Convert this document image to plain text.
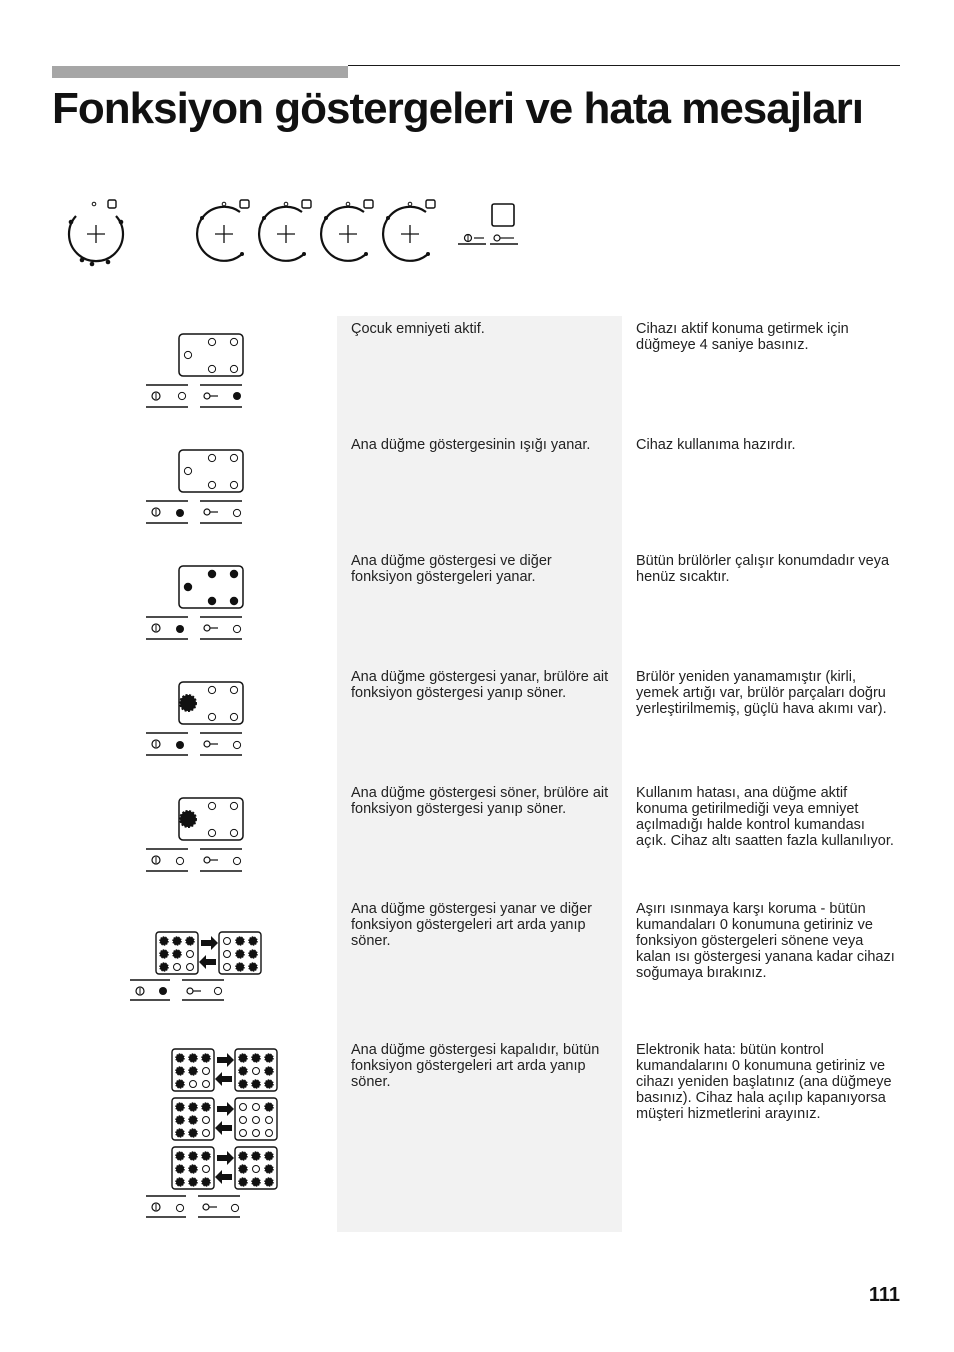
Fonksiyon göstergeleri ve hata mesajları

Çocuk emniyeti aktif.	Cihazı aktif konuma getirmek için düğmeye 4 saniye basınız.

Ana düğme göstergesinin ışığı yanar.	Cihaz kullanıma hazırdır.

Ana düğme göstergesi ve diğer fonksiyon göstergeleri yanar.

Bütün brülörler çalışır konumdadır veya henüz sıcaktır.

Ana düğme göstergesi yanar, brülöre ait fonksiyon göstergesi yanıp söner.

Brülör yeniden yanamamıştır (kirli, yemek artığı var, brülör parçaları doğru yerleştirilmemiş, güçlü hava akımı var).

Ana düğme göstergesi söner, brülöre ait fonksiyon göstergesi yanıp söner.

Kullanım hatası, ana düğme aktif konuma getirilmediği veya emniyet açılmadığı halde kontrol kumandası açık. Cihaz altı saatten fazla kullanılıyor.

Ana düğme göstergesi yanar ve diğer fonksiyon göstergeleri art arda yanıp söner.

Aşırı ısınmaya karşı koruma - bütün kumandaları 0 konumuna getiriniz ve fonksiyon göstergeleri sönene veya kalan ısı göstergesi yanana kadar cihazı soğumaya bırakınız.

Ana düğme göstergesi kapalıdır, bütün fonksiyon göstergeleri art arda yanıp söner.

Elektronik hata: bütün kontrol kumandalarını 0 konumuna getiriniz ve cihazı yeniden başlatınız (ana düğmeye basınız). Cihaz hala açılıp kapanıyorsa müşteri hizmetlerini arayınız.

111
